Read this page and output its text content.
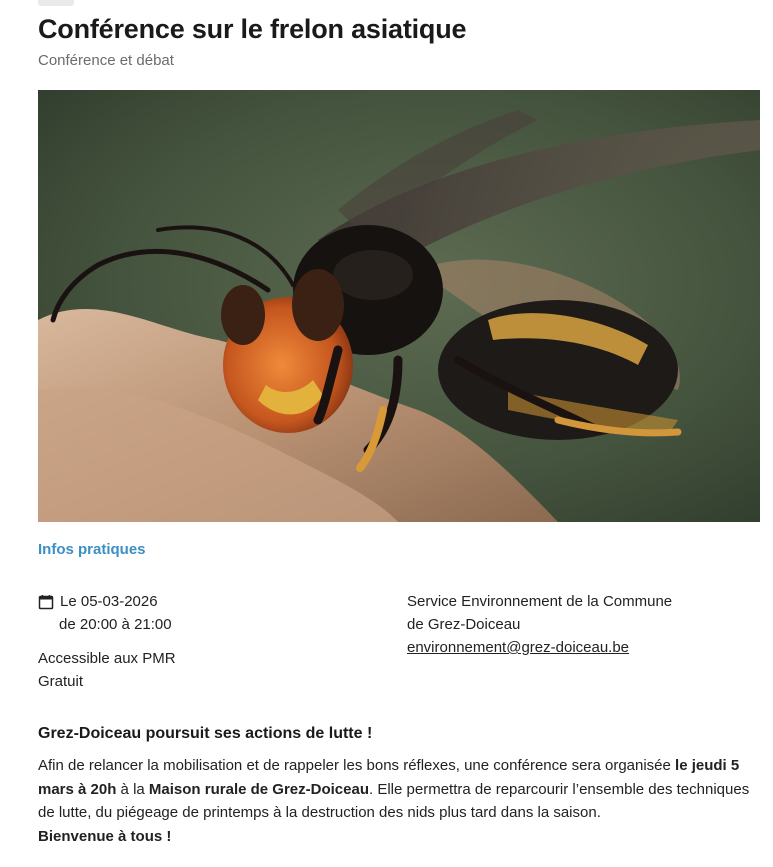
Conférence sur le frelon asiatique
Conférence et débat
Infos pratiques
Le 05-03-2026
de 20:00 à 21:00
Accessible aux PMR
Gratuit
Service Environnement de la Commune
de Grez-Doiceau
environnement@grez-doiceau.be
Grez-Doiceau poursuit ses actions de lutte !
Afin de relancer la mobilisation et de rappeler les bons réflexes, une conférence sera organisée le jeudi 5 mars à 20h à la Maison rurale de Grez-Doiceau. Elle permettra de reparcourir l’ensemble des techniques de lutte, du piégeage de printemps à la destruction des nids plus tard dans la saison.
Bienvenue à tous !
